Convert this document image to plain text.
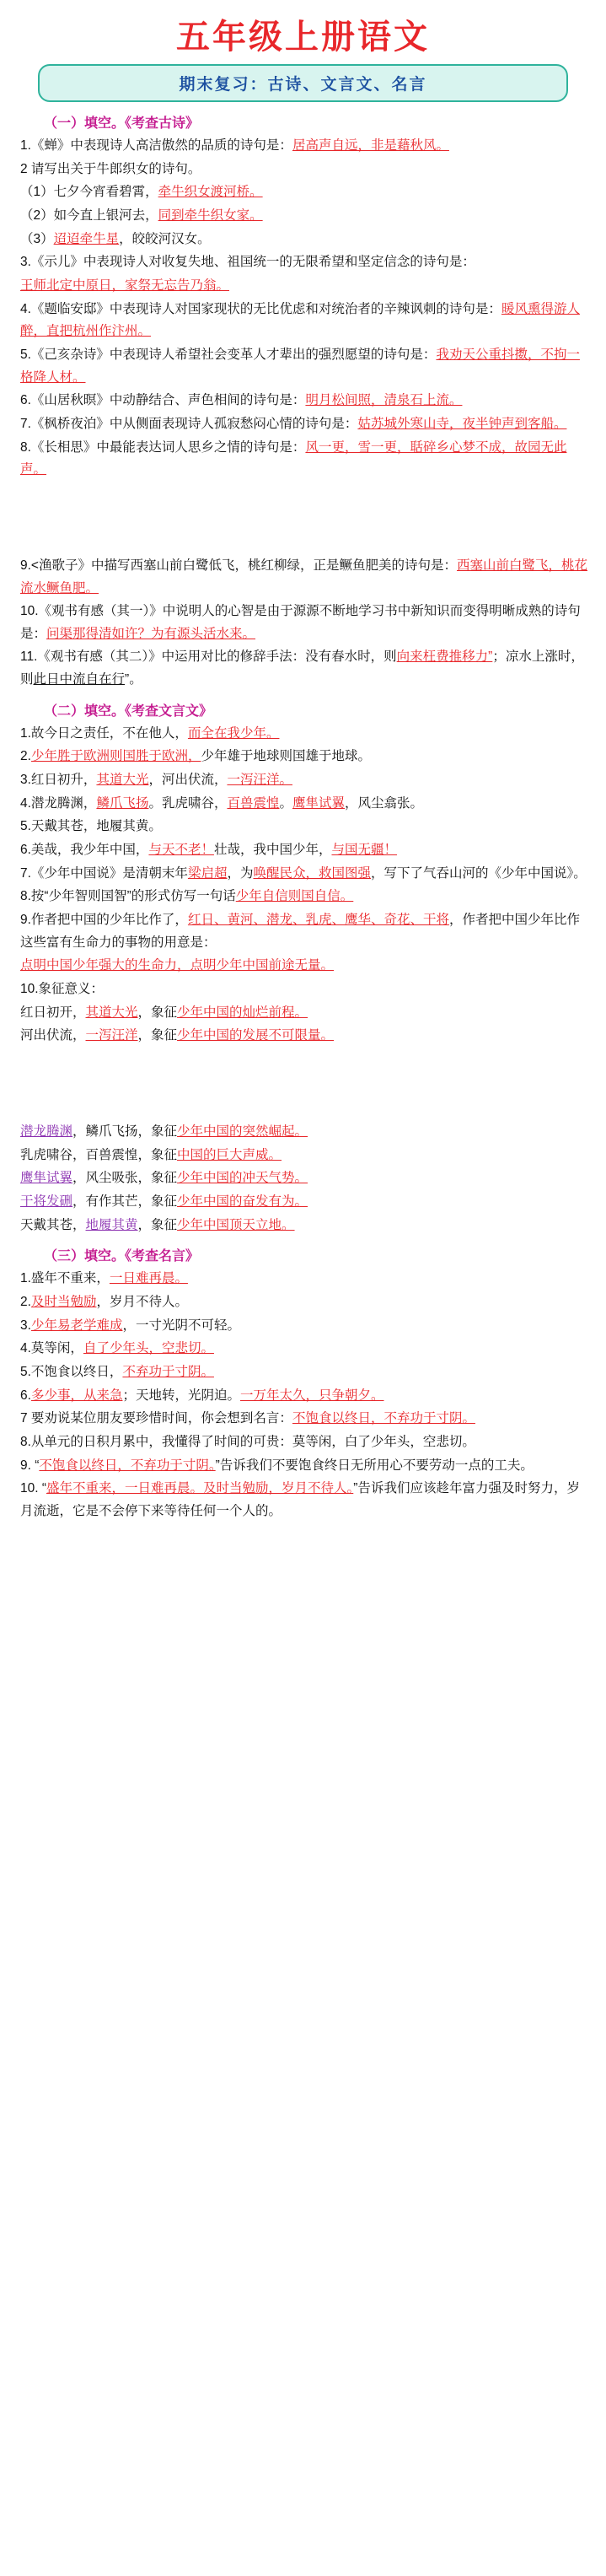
五年级上册语文
期末复习：古诗、文言文、名言
（一）填空。《考查古诗》
1.《蝉》中表现诗人高洁傲然的品质的诗句是：居高声自远，非是藉秋风。
2 请写出关于牛郎织女的诗句。
（1）七夕今宵看碧霄，牵牛织女渡河桥。
（2）如今直上银河去，同到牵牛织女家。
（3）迢迢牵牛星，皎皎河汉女。
3.《示儿》中表现诗人对收复失地、祖国统一的无限希望和坚定信念的诗句是：
王师北定中原日，家祭无忘告乃翁。
4.《题临安邸》中表现诗人对国家现状的无比优虑和对统治者的辛辣讽刺的诗句是：暖风熏得游人醉，直把杭州作汴州。
5.《己亥杂诗》中表现诗人希望社会变革人才辈出的强烈愿望的诗句是：我劝天公重抖擞，不拘一格降人材。
6.《山居秋暝》中动静结合、声色相间的诗句是：明月松间照，清泉石上流。
7.《枫桥夜泊》中从侧面表现诗人孤寂愁闷心情的诗句是：姑苏城外寒山寺，夜半钟声到客船。
8.《长相思》中最能表达词人思乡之情的诗句是：风一更，雪一更，聒碎乡心梦不成，故园无此声。
9.<渔歌子》中描写西塞山前白鹭低飞，桃红柳绿，正是鳜鱼肥美的诗句是：西塞山前白鹭飞，桃花流水鳜鱼肥。
10.《观书有感（其一）》中说明人的心智是由于源源不断地学习书中新知识而变得明晰成熟的诗句是：问渠那得清如许？为有源头活水来。
11.《观书有感（其二）》中运用对比的修辞手法：没有春水时，则向来枉费推移力”；凉水上涨时，则此日中流自在行”。
（二）填空。《考查文言文》
1.故今日之责任，不在他人，而全在我少年。
2.少年胜于欧洲则国胜于欧洲，少年雄于地球则国雄于地球。
3.红日初升，其道大光，河出伏流，一泻汪洋。
4.潜龙腾渊，鳞爪飞扬。乳虎啸谷，百兽震惶。鹰隼试翼，风尘翕张。
5.天戴其苍，地履其黄。
6.美哉，我少年中国，与天不老！壮哉，我中国少年，与国无疆！
7.《少年中国说》是清朝末年梁启超，为唤醒民众，救国图强，写下了气吞山河的《少年中国说》。
8.按“少年智则国智”的形式仿写一句话少年自信则国自信。
9.作者把中国的少年比作了，红日、黄河、潜龙、乳虎、鹰华、奇花、干将，作者把中国少年比作这些富有生命力的事物的用意是：
点明中国少年强大的生命力，点明少年中国前途无量。
10.象征意义：
红日初开，其道大光，象征少年中国的灿烂前程。
河出伏流，一泻汪洋，象征少年中国的发展不可限量。
潜龙腾渊，鳞爪飞扬，象征少年中国的突然崛起。
乳虎啸谷，百兽震惶，象征中国的巨大声威。
鹰隼试翼，风尘吸张，象征少年中国的冲天气势。
干将发硎，有作其芒，象征少年中国的奋发有为。
天戴其苍，地履其黄，象征少年中国顶天立地。
（三）填空。《考查名言》
1.盛年不重来，一日难再晨。
2.及时当勉励，岁月不待人。
3.少年易老学难成，一寸光阴不可轻。
4.莫等闲，自了少年头，空悲切。
5.不饱食以终日，不弃功于寸阴。
6.多少事，从来急；天地转，光阴迫。一万年太久，只争朝夕。
7 要劝说某位朋友要珍惜时间，你会想到名言：不饱食以终日，不弃功于寸阴。
8.从单元的日积月累中，我懂得了时间的可贵：莫等闲，白了少年头，空悲切。
9. “不饱食以终日，不弃功于寸阴。”告诉我们不要饱食终日无所用心不要劳动一点的工夫。
10. “盛年不重来，一日难再晨。及时当勉励，岁月不待人。”告诉我们应该趁年富力强及时努力，岁月流逝，它是不会停下来等待任何一个人的。
